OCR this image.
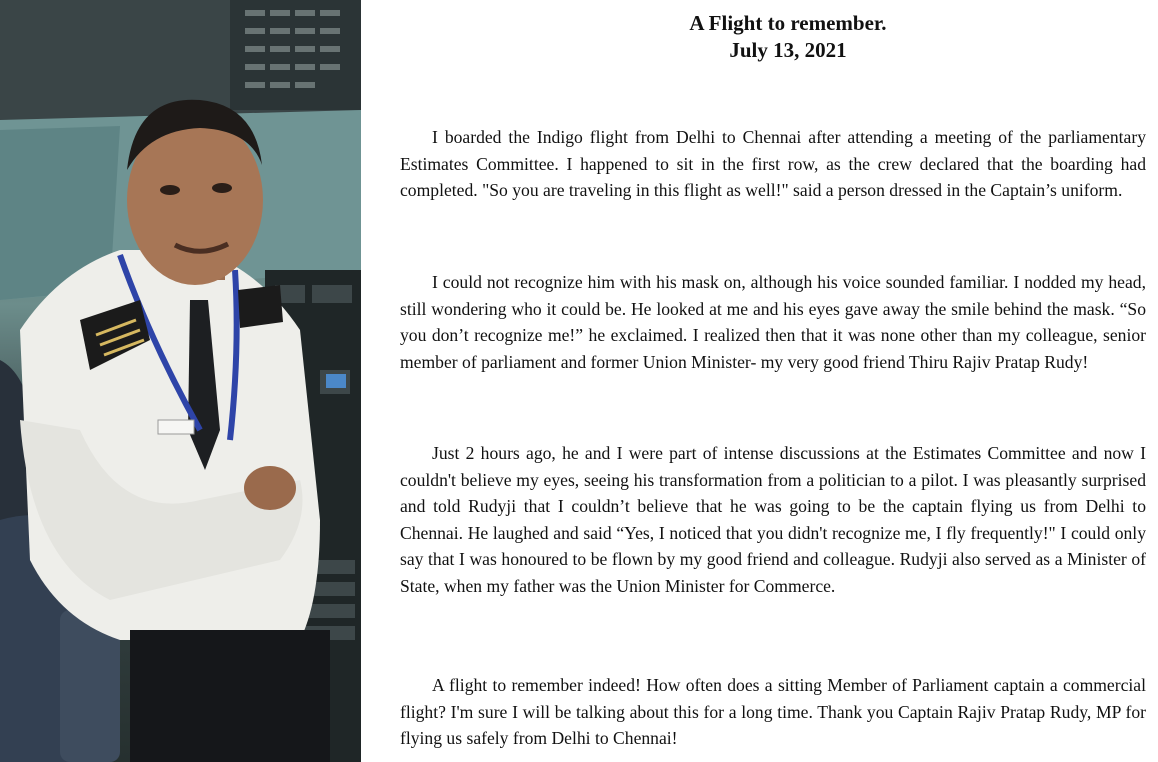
A Flight to remember.
July 13, 2021

I boarded the Indigo flight from Delhi to Chennai after attending a meeting of the parliamentary Estimates Committee. I happened to sit in the first row, as the crew declared that the boarding had completed. "So you are traveling in this flight as well!" said a person dressed in the Captain’s uniform.

I could not recognize him with his mask on, although his voice sounded familiar. I nodded my head, still wondering who it could be. He looked at me and his eyes gave away the smile behind the mask. “So you don’t recognize me!” he exclaimed. I realized then that it was none other than my colleague, senior member of parliament and former Union Minister- my very good friend Thiru Rajiv Pratap Rudy!

Just 2 hours ago, he and I were part of intense discussions at the Estimates Committee and now I couldn't believe my eyes, seeing his transformation from a politician to a pilot. I was pleasantly surprised and told Rudyji that I couldn’t believe that he was going to be the captain flying us from Delhi to Chennai. He laughed and said “Yes, I noticed that you didn't recognize me, I fly frequently!" I could only say that I was honoured to be flown by my good friend and colleague. Rudyji also served as a Minister of State, when my father was the Union Minister for Commerce.

A flight to remember indeed! How often does a sitting Member of Parliament captain a commercial flight? I'm sure I will be talking about this for a long time. Thank you Captain Rajiv Pratap Rudy, MP for flying us safely from Delhi to Chennai!
